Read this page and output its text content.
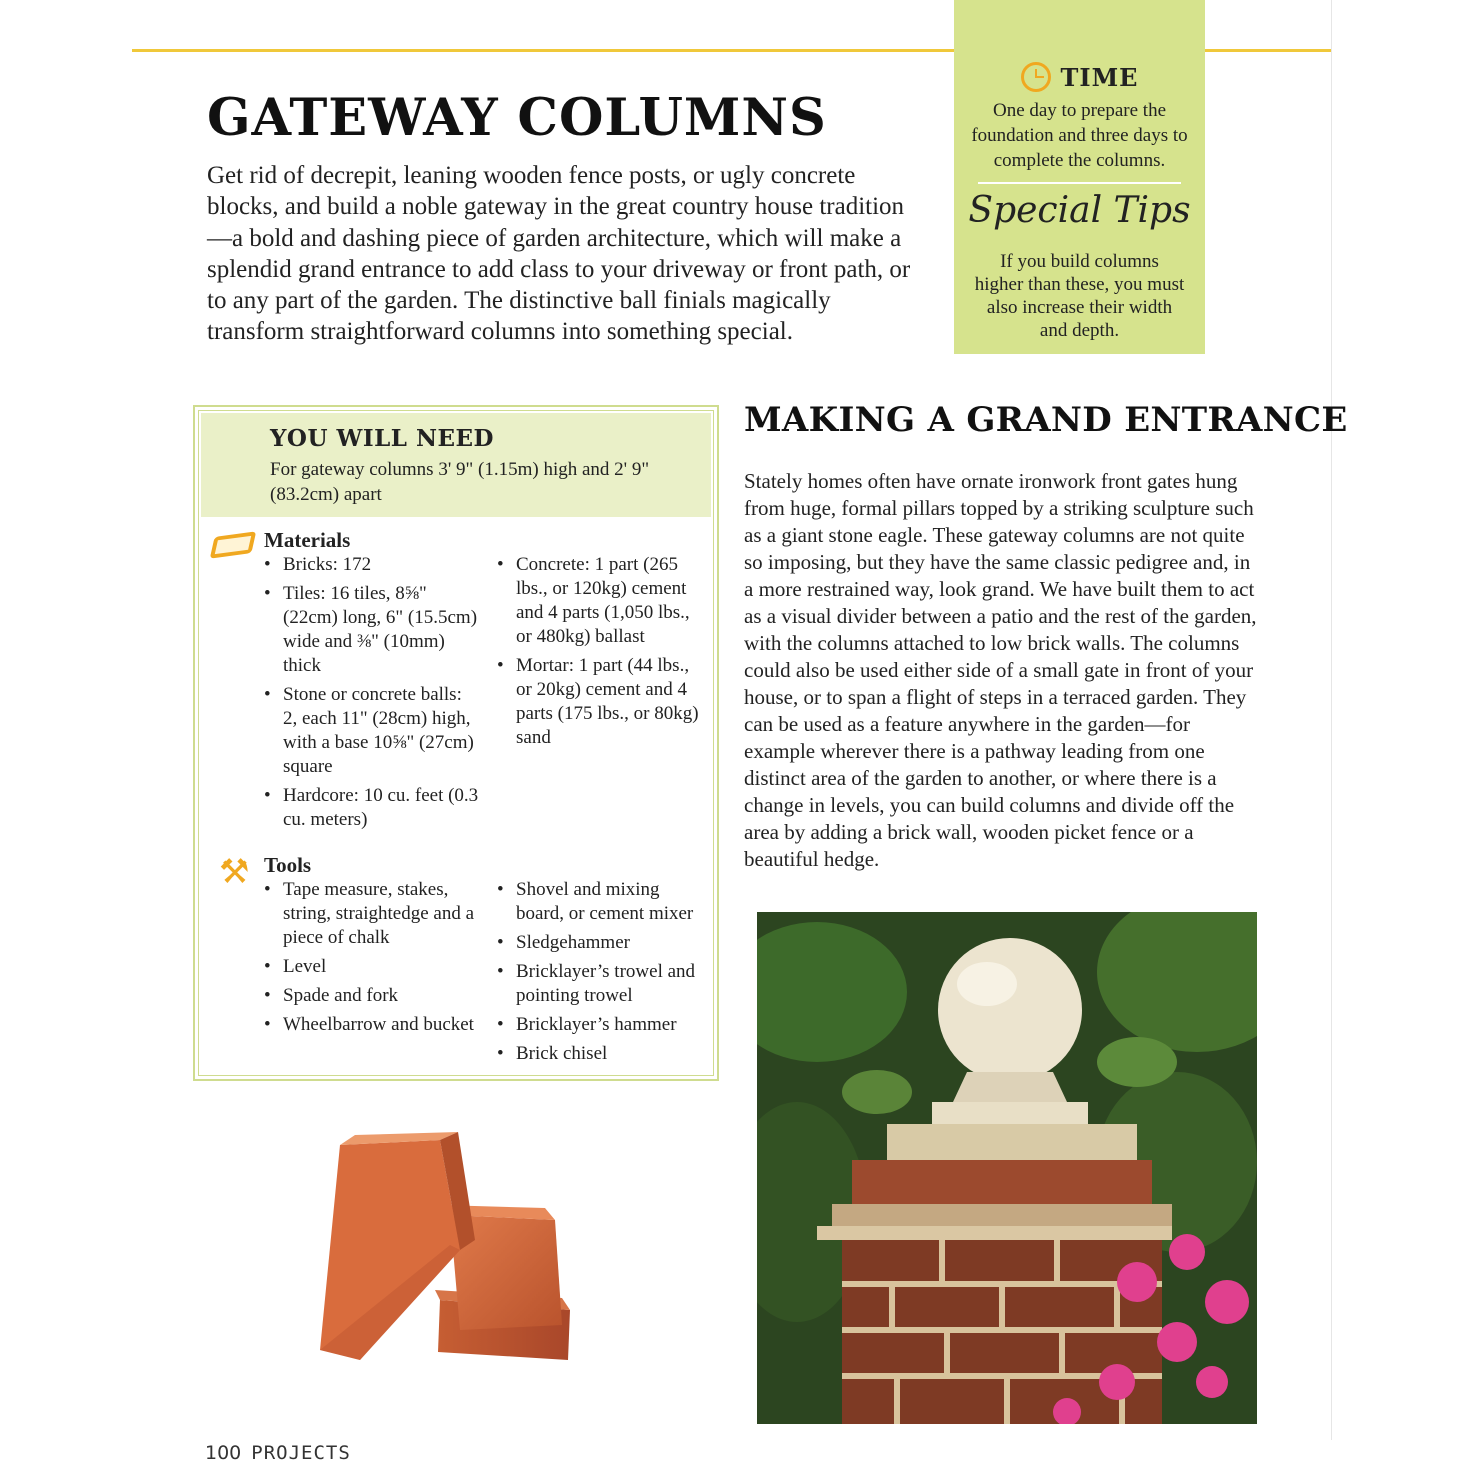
GATEWAY COLUMNS

Get rid of decrepit, leaning wooden fence posts, or ugly concrete blocks, and build a noble gateway in the great country house tradition—a bold and dashing piece of garden architecture, which will make a splendid grand entrance to add class to your driveway or front path, or to any part of the garden. The distinctive ball finials magically transform straightforward columns into something special.

TIME

One day to prepare the foundation and three days to complete the columns.

Special Tips

If you build columns higher than these, you must also increase their width and depth.

YOU WILL NEED
For gateway columns 3' 9" (1.15m) high and 2' 9" (83.2cm) apart
Materials
• Bricks: 172
• Tiles: 16 tiles, 8⅝" (22cm) long, 6" (15.5cm) wide and ⅜" (10mm) thick
• Stone or concrete balls: 2, each 11" (28cm) high, with a base 10⅝" (27cm) square
• Hardcore: 10 cu. feet (0.3 cu. meters)
• Concrete: 1 part (265 lbs., or 120kg) cement and 4 parts (1,050 lbs., or 480kg) ballast
• Mortar: 1 part (44 lbs., or 20kg) cement and 4 parts (175 lbs., or 80kg) sand
⚒ Tools
• Tape measure, stakes, string, straightedge and a piece of chalk
• Level
• Spade and fork
• Wheelbarrow and bucket
• Shovel and mixing board, or cement mixer
• Sledgehammer
• Bricklayer’s trowel and pointing trowel
• Bricklayer’s hammer
• Brick chisel
MAKING A GRAND ENTRANCE

Stately homes often have ornate ironwork front gates hung from huge, formal pillars topped by a striking sculpture such as a giant stone eagle. These gateway columns are not quite so imposing, but they have the same classic pedigree and, in a more restrained way, look grand. We have built them to act as a visual divider between a patio and the rest of the garden, with the columns attached to low brick walls. The columns could also be used either side of a small gate in front of your house, or to span a flight of steps in a terraced garden. They can be used as a feature anywhere in the garden—for example wherever there is a pathway leading from one distinct area of the garden to another, or where there is a change in levels, you can build columns and divide off the area by adding a brick wall, wooden picket fence or a beautiful hedge.

100 PROJECTS
